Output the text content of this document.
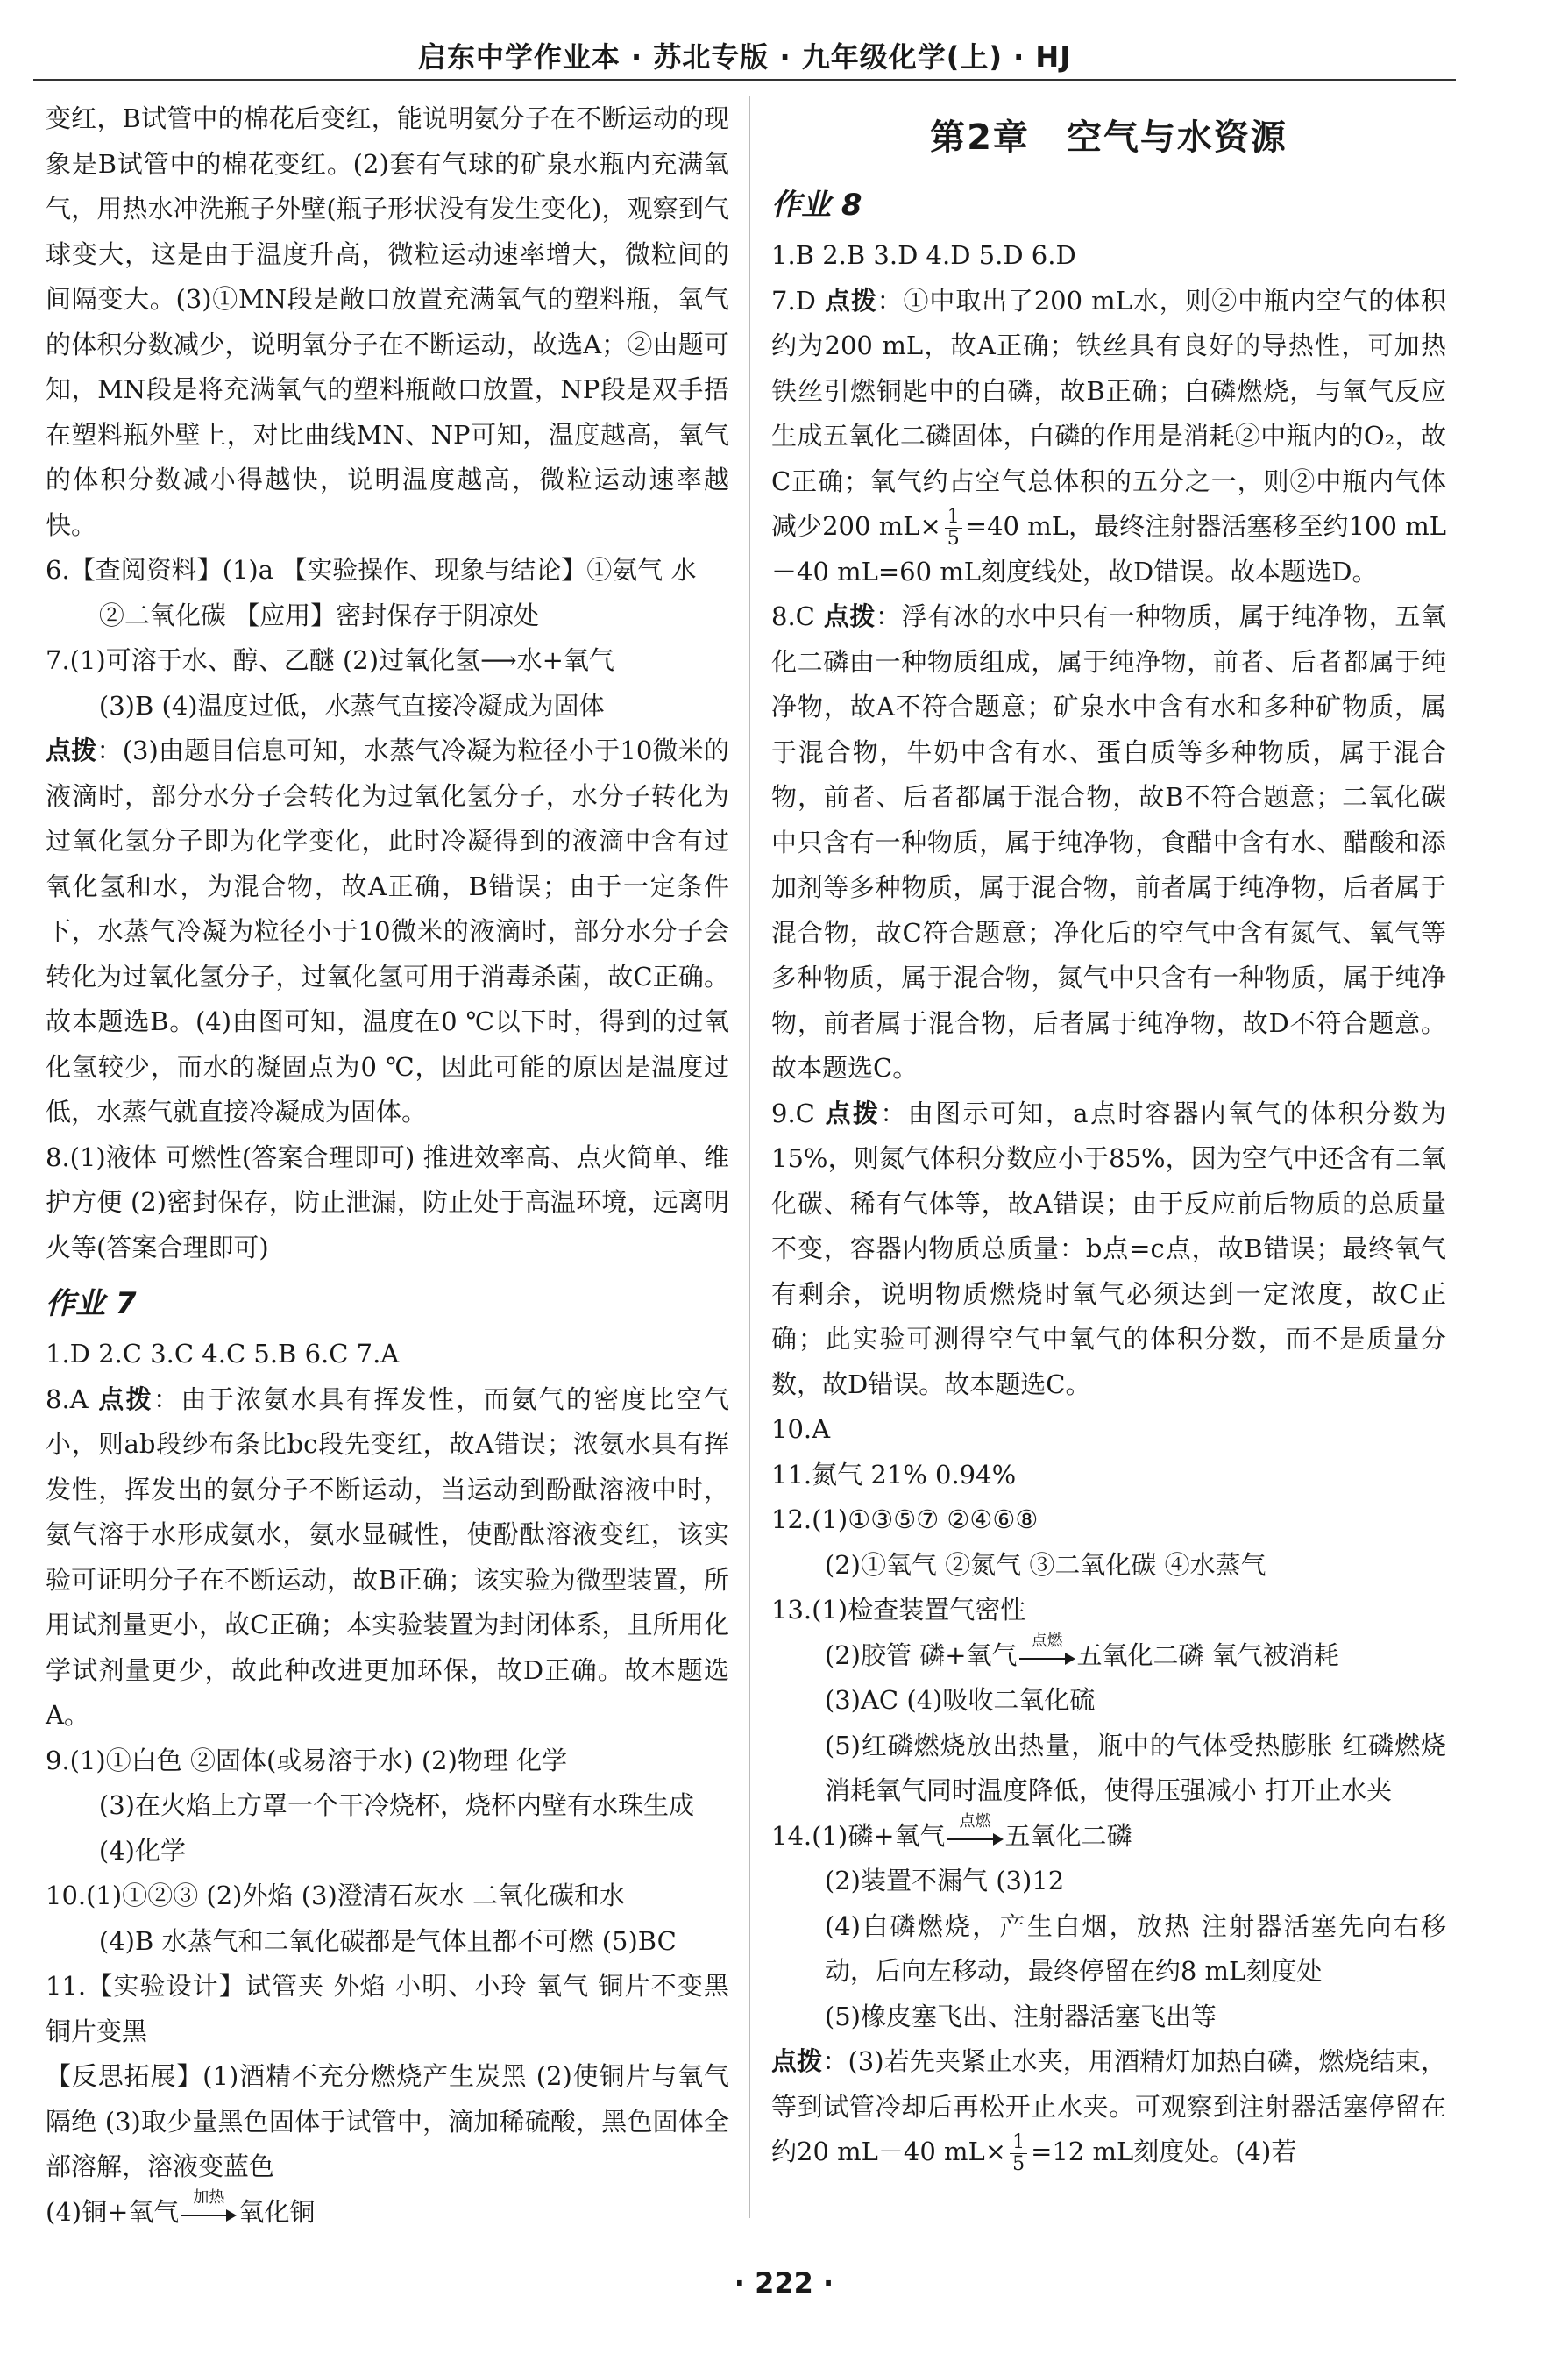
启东中学作业本 · 苏北专版 · 九年级化学(上) · HJ

变红，B试管中的棉花后变红，能说明氨分子在不断运动的现象是B试管中的棉花变红。(2)套有气球的矿泉水瓶内充满氧气，用热水冲洗瓶子外壁(瓶子形状没有发生变化)，观察到气球变大，这是由于温度升高，微粒运动速率增大，微粒间的间隔变大。(3)①MN段是敞口放置充满氧气的塑料瓶，氧气的体积分数减少，说明氧分子在不断运动，故选A；②由题可知，MN段是将充满氧气的塑料瓶敞口放置，NP段是双手捂在塑料瓶外壁上，对比曲线MN、NP可知，温度越高，氧气的体积分数减小得越快，说明温度越高，微粒运动速率越快。

6.【查阅资料】(1)a 【实验操作、现象与结论】①氨气 水

②二氧化碳 【应用】密封保存于阴凉处

7.(1)可溶于水、醇、乙醚 (2)过氧化氢⟶水+氧气

(3)B (4)温度过低，水蒸气直接冷凝成为固体

点拨：(3)由题目信息可知，水蒸气冷凝为粒径小于10微米的液滴时，部分水分子会转化为过氧化氢分子，水分子转化为过氧化氢分子即为化学变化，此时冷凝得到的液滴中含有过氧化氢和水，为混合物，故A正确，B错误；由于一定条件下，水蒸气冷凝为粒径小于10微米的液滴时，部分水分子会转化为过氧化氢分子，过氧化氢可用于消毒杀菌，故C正确。故本题选B。(4)由图可知，温度在0 ℃以下时，得到的过氧化氢较少，而水的凝固点为0 ℃，因此可能的原因是温度过低，水蒸气就直接冷凝成为固体。

8.(1)液体 可燃性(答案合理即可) 推进效率高、点火简单、维护方便 (2)密封保存，防止泄漏，防止处于高温环境，远离明火等(答案合理即可)

作业 7

1.D 2.C 3.C 4.C 5.B 6.C 7.A

8.A 点拨：由于浓氨水具有挥发性，而氨气的密度比空气小，则ab段纱布条比bc段先变红，故A错误；浓氨水具有挥发性，挥发出的氨分子不断运动，当运动到酚酞溶液中时，氨气溶于水形成氨水，氨水显碱性，使酚酞溶液变红，该实验可证明分子在不断运动，故B正确；该实验为微型装置，所用试剂量更小，故C正确；本实验装置为封闭体系，且所用化学试剂量更少，故此种改进更加环保，故D正确。故本题选A。

9.(1)①白色 ②固体(或易溶于水) (2)物理 化学

(3)在火焰上方罩一个干冷烧杯，烧杯内壁有水珠生成

(4)化学

10.(1)①②③ (2)外焰 (3)澄清石灰水 二氧化碳和水

(4)B 水蒸气和二氧化碳都是气体且都不可燃 (5)BC

11.【实验设计】试管夹 外焰 小明、小玲 氧气 铜片不变黑 铜片变黑

【反思拓展】(1)酒精不充分燃烧产生炭黑 (2)使铜片与氧气隔绝 (3)取少量黑色固体于试管中，滴加稀硫酸，黑色固体全部溶解，溶液变蓝色

(4)铜+氧气 加热 氧化铜

第2章　空气与水资源
作业 8

1.B 2.B 3.D 4.D 5.D 6.D

7.D 点拨：①中取出了200 mL水，则②中瓶内空气的体积约为200 mL，故A正确；铁丝具有良好的导热性，可加热铁丝引燃铜匙中的白磷，故B正确；白磷燃烧，与氧气反应生成五氧化二磷固体，白磷的作用是消耗②中瓶内的O₂，故C正确；氧气约占空气总体积的五分之一，则②中瓶内气体减少200 $mL\times \frac{1}{5} =40$ mL，最终注射器活塞移至约100 mL－40 mL=60 mL刻度线处，故D错误。故本题选D。

8.C 点拨：浮有冰的水中只有一种物质，属于纯净物，五氧化二磷由一种物质组成，属于纯净物，前者、后者都属于纯净物，故A不符合题意；矿泉水中含有水和多种矿物质，属于混合物，牛奶中含有水、蛋白质等多种物质，属于混合物，前者、后者都属于混合物，故B不符合题意；二氧化碳中只含有一种物质，属于纯净物，食醋中含有水、醋酸和添加剂等多种物质，属于混合物，前者属于纯净物，后者属于混合物，故C符合题意；净化后的空气中含有氮气、氧气等多种物质，属于混合物，氮气中只含有一种物质，属于纯净物，前者属于混合物，后者属于纯净物，故D不符合题意。故本题选C。

9.C 点拨：由图示可知，a点时容器内氧气的体积分数为15%，则氮气体积分数应小于85%，因为空气中还含有二氧化碳、稀有气体等，故A错误；由于反应前后物质的总质量不变，容器内物质总质量：b点=c点，故B错误；最终氧气有剩余，说明物质燃烧时氧气必须达到一定浓度，故C正确；此实验可测得空气中氧气的体积分数，而不是质量分数，故D错误。故本题选C。

10.A

11.氮气 21% 0.94%

12.(1)①③⑤⑦ ②④⑥⑧

(2)①氧气 ②氮气 ③二氧化碳 ④水蒸气

13.(1)检查装置气密性

(2)胶管 磷+氧气 点燃 五氧化二磷 氧气被消耗

(3)AC (4)吸收二氧化硫

(5)红磷燃烧放出热量，瓶中的气体受热膨胀 红磷燃烧消耗氧气同时温度降低，使得压强减小 打开止水夹

14.(1)磷+氧气 点燃 五氧化二磷

(2)装置不漏气 (3)12

(4)白磷燃烧，产生白烟，放热 注射器活塞先向右移动，后向左移动，最终停留在约8 mL刻度处

(5)橡皮塞飞出、注射器活塞飞出等

点拨：(3)若先夹紧止水夹，用酒精灯加热白磷，燃烧结束，等到试管冷却后再松开止水夹。可观察到注射器活塞停留在约20 mL－40 $mL\times \frac{1}{5} =12$ mL刻度处。(4)若

· 222 ·
